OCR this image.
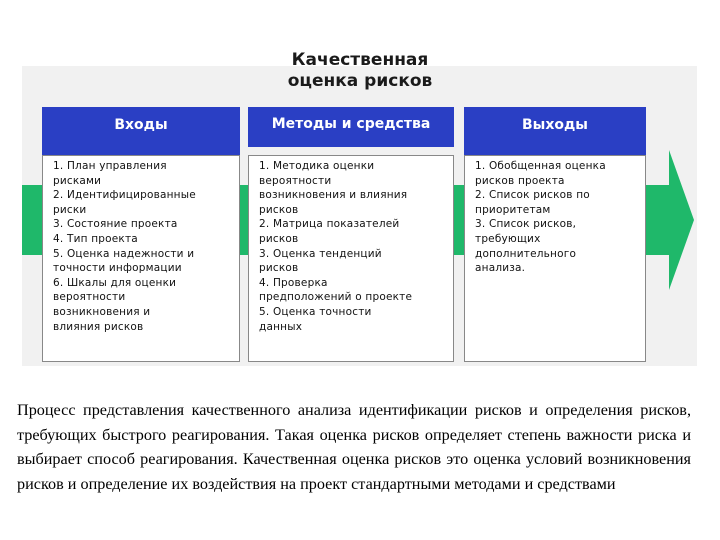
Качественная
оценка рисков
Входы
1. План управления
рисками
2. Идентифицированные
риски
3. Состояние проекта
4. Тип проекта
5. Оценка надежности и
точности информации
6. Шкалы для оценки
вероятности
возникновения и
влияния рисков
Методы и средства
1. Методика оценки
вероятности
возникновения и влияния
рисков
2. Матрица показателей
рисков
3. Оценка тенденций
рисков
4. Проверка
предположений о проекте
5. Оценка точности
данных
Выходы
1. Обобщенная оценка
рисков проекта
2. Список рисков по
приоритетам
3. Список рисков,
требующих
дополнительного
анализа.
Процесс представления качественного анализа идентификации рисков и определения рисков, требующих быстрого реагирования. Такая оценка рисков определяет степень важности риска и выбирает способ реагирования. Качественная оценка рисков это оценка условий возникновения рисков и определение их воздействия на проект стандартными методами и средствами
